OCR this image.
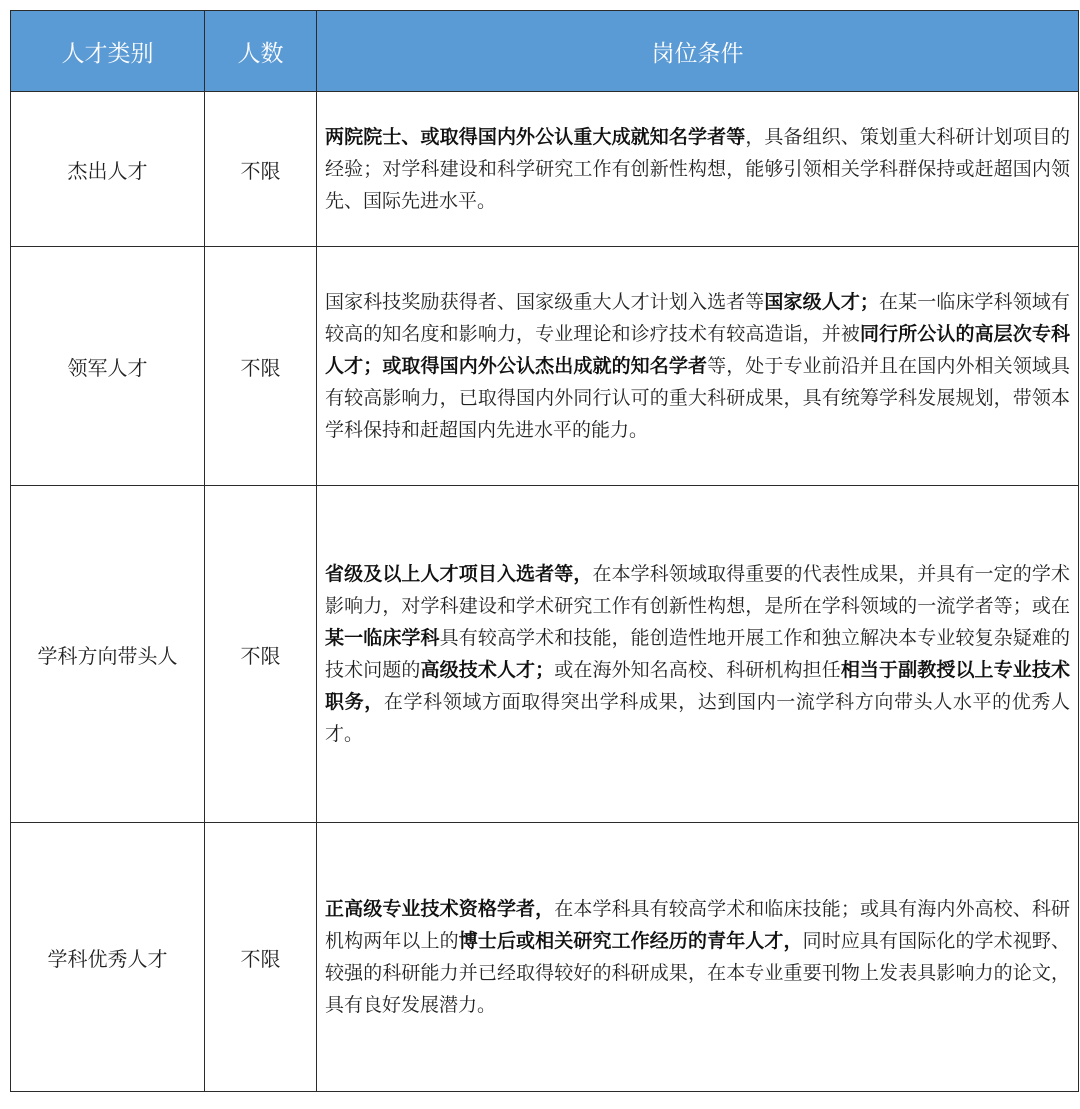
人才类别	人数	岗位条件
杰出人才	不限	两院院士、或取得国内外公认重大成就知名学者等，具备组织、策划重大科研计划项目的经验；对学科建设和科学研究工作有创新性构想，能够引领相关学科群保持或赶超国内领先、国际先进水平。
领军人才	不限	国家科技奖励获得者、国家级重大人才计划入选者等国家级人才；在某一临床学科领域有较高的知名度和影响力，专业理论和诊疗技术有较高造诣，并被同行所公认的高层次专科人才；或取得国内外公认杰出成就的知名学者等，处于专业前沿并且在国内外相关领域具有较高影响力，已取得国内外同行认可的重大科研成果，具有统筹学科发展规划，带领本学科保持和赶超国内先进水平的能力。
学科方向带头人	不限	省级及以上人才项目入选者等，在本学科领域取得重要的代表性成果，并具有一定的学术影响力，对学科建设和学术研究工作有创新性构想，是所在学科领域的一流学者等；或在某一临床学科具有较高学术和技能，能创造性地开展工作和独立解决本专业较复杂疑难的技术问题的高级技术人才；或在海外知名高校、科研机构担任相当于副教授以上专业技术职务，在学科领域方面取得突出学科成果，达到国内一流学科方向带头人水平的优秀人才。
学科优秀人才	不限	正高级专业技术资格学者，在本学科具有较高学术和临床技能；或具有海内外高校、科研机构两年以上的博士后或相关研究工作经历的青年人才，同时应具有国际化的学术视野、较强的科研能力并已经取得较好的科研成果，在本专业重要刊物上发表具影响力的论文，具有良好发展潜力。
